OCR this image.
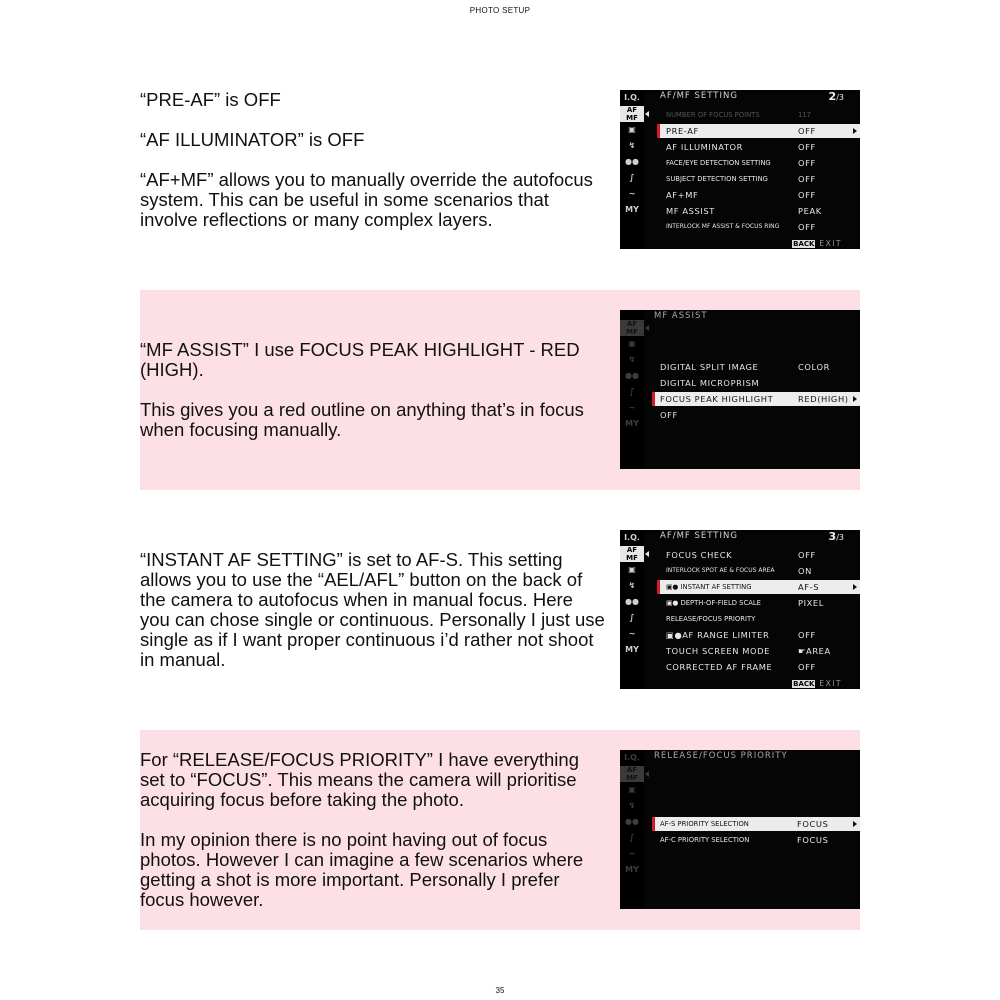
PHOTO SETUP

“PRE-AF” is OFF

“AF ILLUMINATOR” is OFF

“AF+MF” allows you to manually override the autofocus system. This can be useful in some scenarios that involve reflections or many complex layers.

I.Q.
AF
MF
▣
↯
●●
∫
∼
MY
AF/MF SETTING	2/3
NUMBER OF FOCUS POINTS	117
PRE-AF	OFF
AF ILLUMINATOR	OFF
FACE/EYE DETECTION SETTING	OFF
SUBJECT DETECTION SETTING	OFF
AF+MF	OFF
MF ASSIST	PEAK
INTERLOCK MF ASSIST & FOCUS RING OFF
BACK EXIT

“MF ASSIST” I use FOCUS PEAK HIGHLIGHT - RED (HIGH).

This gives you a red outline on anything that’s in focus when focusing manually.

AF
MF
▣
↯
●●
∫
∼
MY
MF ASSIST
DIGITAL SPLIT IMAGE	COLOR
DIGITAL MICROPRISM
FOCUS PEAK HIGHLIGHT	RED(HIGH)
OFF

“INSTANT AF SETTING” is set to AF-S. This setting allows you to use the “AEL/AFL” button on the back of the camera to autofocus when in manual focus. Here you can chose single or continuous. Personally I just use single as if I want proper continuous i’d rather not shoot in manual.

I.Q.
AF
MF
▣
↯
●●
∫
∼
MY
AF/MF SETTING	3/3
FOCUS CHECK	OFF
INTERLOCK SPOT AE & FOCUS AREA	ON
▣● INSTANT AF SETTING	AF-S
▣● DEPTH-OF-FIELD SCALE	PIXEL
RELEASE/FOCUS PRIORITY
▣●AF RANGE LIMITER	OFF
TOUCH SCREEN MODE	☛AREA
CORRECTED AF FRAME	OFF
BACK EXIT

For “RELEASE/FOCUS PRIORITY” I have everything set to “FOCUS”. This means the camera will prioritise acquiring focus before taking the photo.

In my opinion there is no point having out of focus photos. However I can imagine a few scenarios where getting a shot is more important. Personally I prefer focus however.

I.Q.
AF
MF
▣
↯
●●
∫
∼
MY
RELEASE/FOCUS PRIORITY
AF-S PRIORITY SELECTION	FOCUS
AF-C PRIORITY SELECTION	FOCUS
35
